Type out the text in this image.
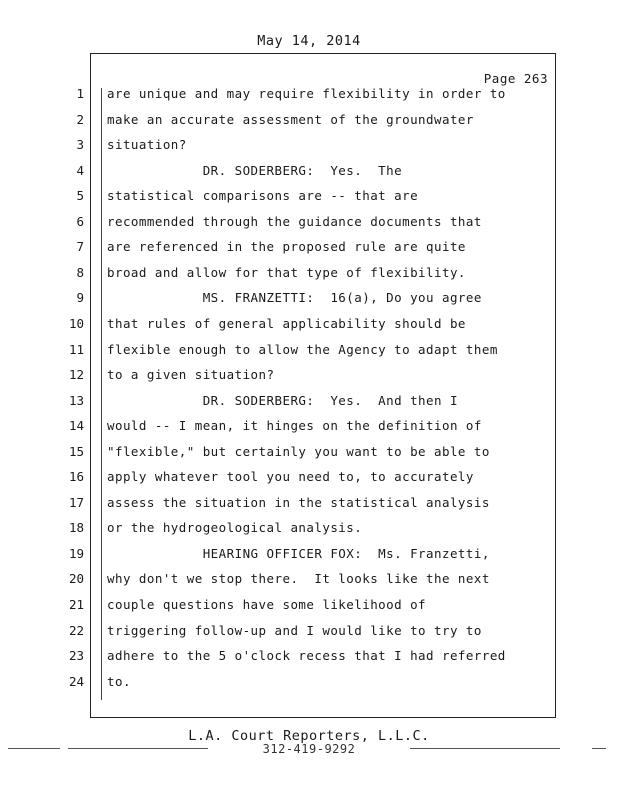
May 14, 2014
Page 263
1 are unique and may require flexibility in order to
2 make an accurate assessment of the groundwater
3 situation?
4 DR. SODERBERG:  Yes.  The
5 statistical comparisons are -- that are
6 recommended through the guidance documents that
7 are referenced in the proposed rule are quite
8 broad and allow for that type of flexibility.
9 MS. FRANZETTI:  16(a), Do you agree
10 that rules of general applicability should be
11 flexible enough to allow the Agency to adapt them
12 to a given situation?
13 DR. SODERBERG:  Yes.  And then I
14 would -- I mean, it hinges on the definition of
15 "flexible," but certainly you want to be able to
16 apply whatever tool you need to, to accurately
17 assess the situation in the statistical analysis
18 or the hydrogeological analysis.
19 HEARING OFFICER FOX:  Ms. Franzetti,
20 why don't we stop there.  It looks like the next
21 couple questions have some likelihood of
22 triggering follow-up and I would like to try to
23 adhere to the 5 o'clock recess that I had referred
24 to.
L.A. Court Reporters, L.L.C.
312-419-9292
